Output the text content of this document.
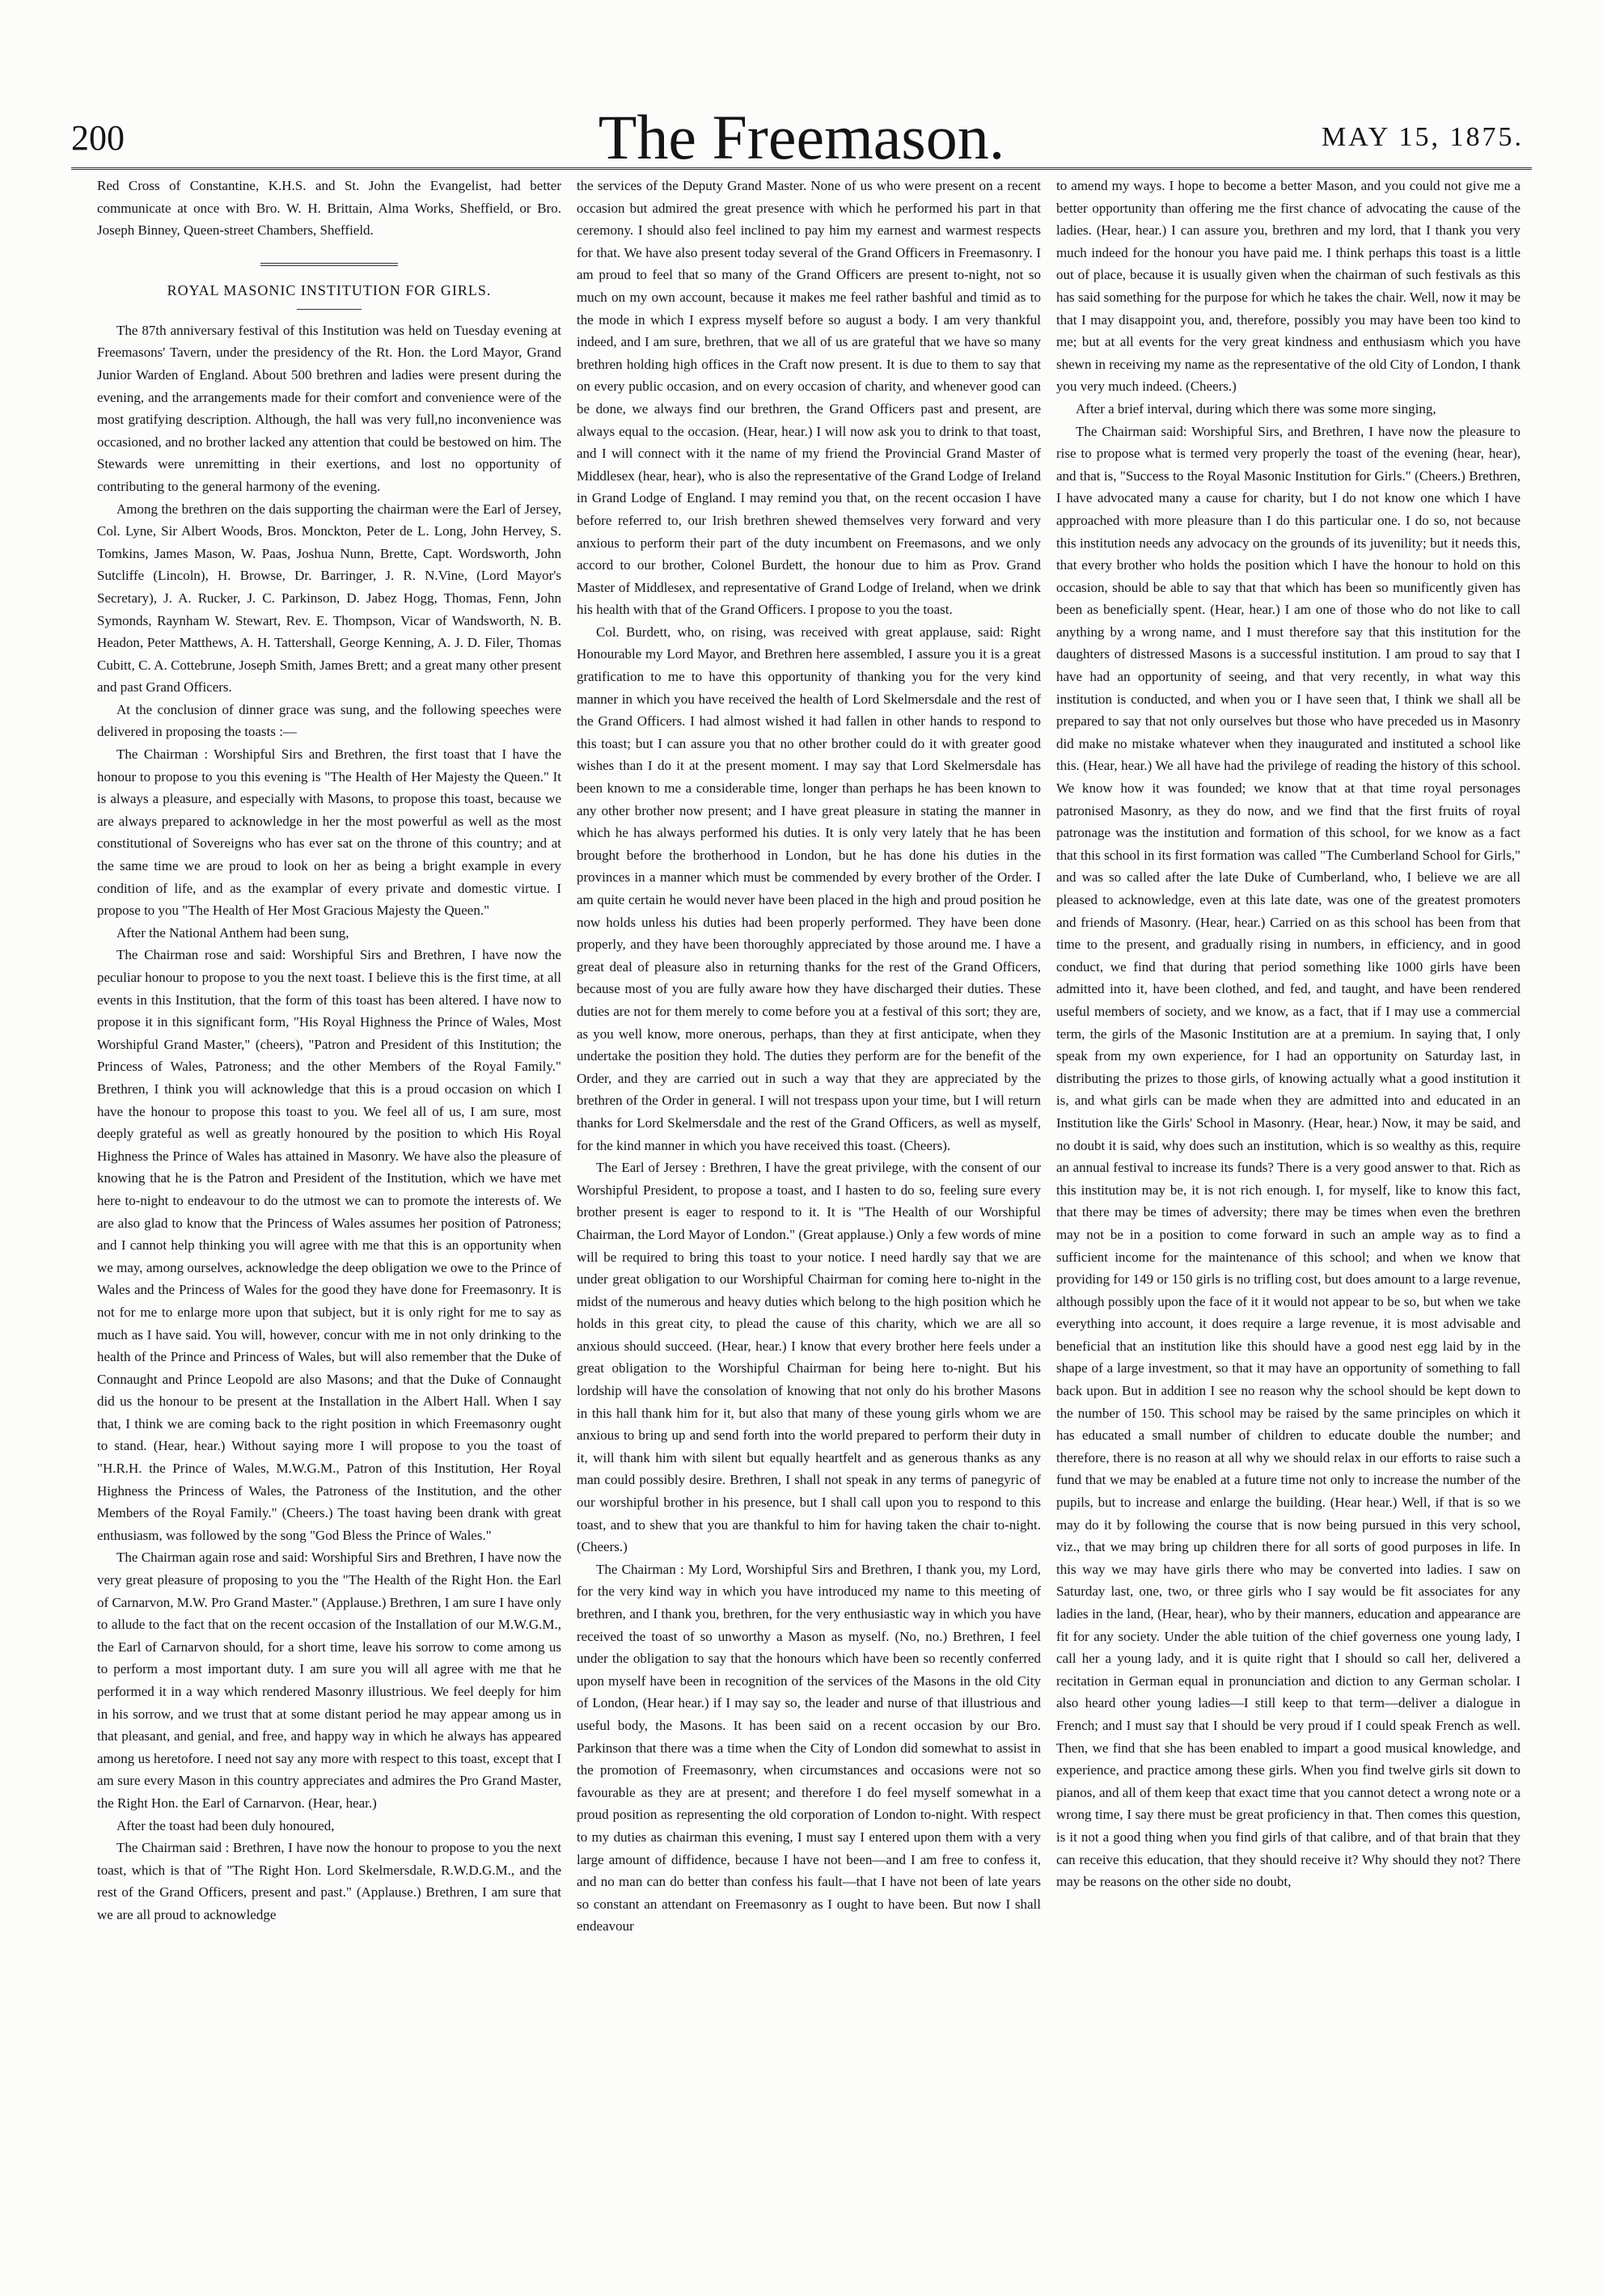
200	The Freemason.	MAY 15, 1875.

Red Cross of Constantine, K.H.S. and St. John the Evangelist, had better communicate at once with Bro. W. H. Brittain, Alma Works, Sheffield, or Bro. Joseph Binney, Queen-street Chambers, Sheffield.

ROYAL MASONIC INSTITUTION FOR GIRLS.

The 87th anniversary festival of this Institution was held on Tuesday evening at Freemasons' Tavern, under the presidency of the Rt. Hon. the Lord Mayor, Grand Junior Warden of England. About 500 brethren and ladies were present during the evening, and the arrangements made for their comfort and convenience were of the most gratifying description. Although, the hall was very full,no inconvenience was occasioned, and no brother lacked any attention that could be bestowed on him. The Stewards were unremitting in their exertions, and lost no opportunity of contributing to the general harmony of the evening.

Among the brethren on the dais supporting the chairman were the Earl of Jersey, Col. Lyne, Sir Albert Woods, Bros. Monckton, Peter de L. Long, John Hervey, S. Tomkins, James Mason, W. Paas, Joshua Nunn, Brette, Capt. Wordsworth, John Sutcliffe (Lincoln), H. Browse, Dr. Barringer, J. R. N.Vine, (Lord Mayor's Secretary), J. A. Rucker, J. C. Parkinson, D. Jabez Hogg, Thomas, Fenn, John Symonds, Raynham W. Stewart, Rev. E. Thompson, Vicar of Wandsworth, N. B. Headon, Peter Matthews, A. H. Tattershall, George Kenning, A. J. D. Filer, Thomas Cubitt, C. A. Cottebrune, Joseph Smith, James Brett; and a great many other present and past Grand Officers.

At the conclusion of dinner grace was sung, and the following speeches were delivered in proposing the toasts :—

The Chairman : Worshipful Sirs and Brethren, the first toast that I have the honour to propose to you this evening is "The Health of Her Majesty the Queen." It is always a pleasure, and especially with Masons, to propose this toast, because we are always prepared to acknowledge in her the most powerful as well as the most constitutional of Sovereigns who has ever sat on the throne of this country; and at the same time we are proud to look on her as being a bright example in every condition of life, and as the examplar of every private and domestic virtue. I propose to you "The Health of Her Most Gracious Majesty the Queen."

After the National Anthem had been sung,

The Chairman rose and said: Worshipful Sirs and Brethren, I have now the peculiar honour to propose to you the next toast. I believe this is the first time, at all events in this Institution, that the form of this toast has been altered. I have now to propose it in this significant form, "His Royal Highness the Prince of Wales, Most Worshipful Grand Master," (cheers), "Patron and President of this Institution; the Princess of Wales, Patroness; and the other Members of the Royal Family." Brethren, I think you will acknowledge that this is a proud occasion on which I have the honour to propose this toast to you. We feel all of us, I am sure, most deeply grateful as well as greatly honoured by the position to which His Royal Highness the Prince of Wales has attained in Masonry. We have also the pleasure of knowing that he is the Patron and President of the Institution, which we have met here to-night to endeavour to do the utmost we can to promote the interests of. We are also glad to know that the Princess of Wales assumes her position of Patroness; and I cannot help thinking you will agree with me that this is an opportunity when we may, among ourselves, acknowledge the deep obligation we owe to the Prince of Wales and the Princess of Wales for the good they have done for Freemasonry. It is not for me to enlarge more upon that subject, but it is only right for me to say as much as I have said. You will, however, concur with me in not only drinking to the health of the Prince and Princess of Wales, but will also remember that the Duke of Connaught and Prince Leopold are also Masons; and that the Duke of Connaught did us the honour to be present at the Installation in the Albert Hall. When I say that, I think we are coming back to the right position in which Freemasonry ought to stand. (Hear, hear.) Without saying more I will propose to you the toast of "H.R.H. the Prince of Wales, M.W.G.M., Patron of this Institution, Her Royal Highness the Princess of Wales, the Patroness of the Institution, and the other Members of the Royal Family." (Cheers.) The toast having been drank with great enthusiasm, was followed by the song "God Bless the Prince of Wales."

The Chairman again rose and said: Worshipful Sirs and Brethren, I have now the very great pleasure of proposing to you the "The Health of the Right Hon. the Earl of Carnarvon, M.W. Pro Grand Master." (Applause.) Brethren, I am sure I have only to allude to the fact that on the recent occasion of the Installation of our M.W.G.M., the Earl of Carnarvon should, for a short time, leave his sorrow to come among us to perform a most important duty. I am sure you will all agree with me that he performed it in a way which rendered Masonry illustrious. We feel deeply for him in his sorrow, and we trust that at some distant period he may appear among us in that pleasant, and genial, and free, and happy way in which he always has appeared among us heretofore. I need not say any more with respect to this toast, except that I am sure every Mason in this country appreciates and admires the Pro Grand Master, the Right Hon. the Earl of Carnarvon. (Hear, hear.)

After the toast had been duly honoured,

The Chairman said : Brethren, I have now the honour to propose to you the next toast, which is that of "The Right Hon. Lord Skelmersdale, R.W.D.G.M., and the rest of the Grand Officers, present and past." (Applause.) Brethren, I am sure that we are all proud to acknowledge

the services of the Deputy Grand Master. None of us who were present on a recent occasion but admired the great presence with which he performed his part in that ceremony. I should also feel inclined to pay him my earnest and warmest respects for that. We have also present today several of the Grand Officers in Freemasonry. I am proud to feel that so many of the Grand Officers are present to-night, not so much on my own account, because it makes me feel rather bashful and timid as to the mode in which I express myself before so august a body. I am very thankful indeed, and I am sure, brethren, that we all of us are grateful that we have so many brethren holding high offices in the Craft now present. It is due to them to say that on every public occasion, and on every occasion of charity, and whenever good can be done, we always find our brethren, the Grand Officers past and present, are always equal to the occasion. (Hear, hear.) I will now ask you to drink to that toast, and I will connect with it the name of my friend the Provincial Grand Master of Middlesex (hear, hear), who is also the representative of the Grand Lodge of Ireland in Grand Lodge of England. I may remind you that, on the recent occasion I have before referred to, our Irish brethren shewed themselves very forward and very anxious to perform their part of the duty incumbent on Freemasons, and we only accord to our brother, Colonel Burdett, the honour due to him as Prov. Grand Master of Middlesex, and representative of Grand Lodge of Ireland, when we drink his health with that of the Grand Officers. I propose to you the toast.

Col. Burdett, who, on rising, was received with great applause, said: Right Honourable my Lord Mayor, and Brethren here assembled, I assure you it is a great gratification to me to have this opportunity of thanking you for the very kind manner in which you have received the health of Lord Skelmersdale and the rest of the Grand Officers. I had almost wished it had fallen in other hands to respond to this toast; but I can assure you that no other brother could do it with greater good wishes than I do it at the present moment. I may say that Lord Skelmersdale has been known to me a considerable time, longer than perhaps he has been known to any other brother now present; and I have great pleasure in stating the manner in which he has always performed his duties. It is only very lately that he has been brought before the brotherhood in London, but he has done his duties in the provinces in a manner which must be commended by every brother of the Order. I am quite certain he would never have been placed in the high and proud position he now holds unless his duties had been properly performed. They have been done properly, and they have been thoroughly appreciated by those around me. I have a great deal of pleasure also in returning thanks for the rest of the Grand Officers, because most of you are fully aware how they have discharged their duties. These duties are not for them merely to come before you at a festival of this sort; they are, as you well know, more onerous, perhaps, than they at first anticipate, when they undertake the position they hold. The duties they perform are for the benefit of the Order, and they are carried out in such a way that they are appreciated by the brethren of the Order in general. I will not trespass upon your time, but I will return thanks for Lord Skelmersdale and the rest of the Grand Officers, as well as myself, for the kind manner in which you have received this toast. (Cheers).

The Earl of Jersey : Brethren, I have the great privilege, with the consent of our Worshipful President, to propose a toast, and I hasten to do so, feeling sure every brother present is eager to respond to it. It is "The Health of our Worshipful Chairman, the Lord Mayor of London." (Great applause.) Only a few words of mine will be required to bring this toast to your notice. I need hardly say that we are under great obligation to our Worshipful Chairman for coming here to-night in the midst of the numerous and heavy duties which belong to the high position which he holds in this great city, to plead the cause of this charity, which we are all so anxious should succeed. (Hear, hear.) I know that every brother here feels under a great obligation to the Worshipful Chairman for being here to-night. But his lordship will have the consolation of knowing that not only do his brother Masons in this hall thank him for it, but also that many of these young girls whom we are anxious to bring up and send forth into the world prepared to perform their duty in it, will thank him with silent but equally heartfelt and as generous thanks as any man could possibly desire. Brethren, I shall not speak in any terms of panegyric of our worshipful brother in his presence, but I shall call upon you to respond to this toast, and to shew that you are thankful to him for having taken the chair to-night. (Cheers.)

The Chairman : My Lord, Worshipful Sirs and Brethren, I thank you, my Lord, for the very kind way in which you have introduced my name to this meeting of brethren, and I thank you, brethren, for the very enthusiastic way in which you have received the toast of so unworthy a Mason as myself. (No, no.) Brethren, I feel under the obligation to say that the honours which have been so recently conferred upon myself have been in recognition of the services of the Masons in the old City of London, (Hear hear.) if I may say so, the leader and nurse of that illustrious and useful body, the Masons. It has been said on a recent occasion by our Bro. Parkinson that there was a time when the City of London did somewhat to assist in the promotion of Freemasonry, when circumstances and occasions were not so favourable as they are at present; and therefore I do feel myself somewhat in a proud position as representing the old corporation of London to-night. With respect to my duties as chairman this evening, I must say I entered upon them with a very large amount of diffidence, because I have not been—and I am free to confess it, and no man can do better than confess his fault—that I have not been of late years so constant an attendant on Freemasonry as I ought to have been. But now I shall endeavour

to amend my ways. I hope to become a better Mason, and you could not give me a better opportunity than offering me the first chance of advocating the cause of the ladies. (Hear, hear.) I can assure you, brethren and my lord, that I thank you very much indeed for the honour you have paid me. I think perhaps this toast is a little out of place, because it is usually given when the chairman of such festivals as this has said something for the purpose for which he takes the chair. Well, now it may be that I may disappoint you, and, therefore, possibly you may have been too kind to me; but at all events for the very great kindness and enthusiasm which you have shewn in receiving my name as the representative of the old City of London, I thank you very much indeed. (Cheers.)

After a brief interval, during which there was some more singing,

The Chairman said: Worshipful Sirs, and Brethren, I have now the pleasure to rise to propose what is termed very properly the toast of the evening (hear, hear), and that is, "Success to the Royal Masonic Institution for Girls." (Cheers.) Brethren, I have advocated many a cause for charity, but I do not know one which I have approached with more pleasure than I do this particular one. I do so, not because this institution needs any advocacy on the grounds of its juvenility; but it needs this, that every brother who holds the position which I have the honour to hold on this occasion, should be able to say that that which has been so munificently given has been as beneficially spent. (Hear, hear.) I am one of those who do not like to call anything by a wrong name, and I must therefore say that this institution for the daughters of distressed Masons is a successful institution. I am proud to say that I have had an opportunity of seeing, and that very recently, in what way this institution is conducted, and when you or I have seen that, I think we shall all be prepared to say that not only ourselves but those who have preceded us in Masonry did make no mistake whatever when they inaugurated and instituted a school like this. (Hear, hear.) We all have had the privilege of reading the history of this school. We know how it was founded; we know that at that time royal personages patronised Masonry, as they do now, and we find that the first fruits of royal patronage was the institution and formation of this school, for we know as a fact that this school in its first formation was called "The Cumberland School for Girls," and was so called after the late Duke of Cumberland, who, I believe we are all pleased to acknowledge, even at this late date, was one of the greatest promoters and friends of Masonry. (Hear, hear.) Carried on as this school has been from that time to the present, and gradually rising in numbers, in efficiency, and in good conduct, we find that during that period something like 1000 girls have been admitted into it, have been clothed, and fed, and taught, and have been rendered useful members of society, and we know, as a fact, that if I may use a commercial term, the girls of the Masonic Institution are at a premium. In saying that, I only speak from my own experience, for I had an opportunity on Saturday last, in distributing the prizes to those girls, of knowing actually what a good institution it is, and what girls can be made when they are admitted into and educated in an Institution like the Girls' School in Masonry. (Hear, hear.) Now, it may be said, and no doubt it is said, why does such an institution, which is so wealthy as this, require an annual festival to increase its funds? There is a very good answer to that. Rich as this institution may be, it is not rich enough. I, for myself, like to know this fact, that there may be times of adversity; there may be times when even the brethren may not be in a position to come forward in such an ample way as to find a sufficient income for the maintenance of this school; and when we know that providing for 149 or 150 girls is no trifling cost, but does amount to a large revenue, although possibly upon the face of it it would not appear to be so, but when we take everything into account, it does require a large revenue, it is most advisable and beneficial that an institution like this should have a good nest egg laid by in the shape of a large investment, so that it may have an opportunity of something to fall back upon. But in addition I see no reason why the school should be kept down to the number of 150. This school may be raised by the same principles on which it has educated a small number of children to educate double the number; and therefore, there is no reason at all why we should relax in our efforts to raise such a fund that we may be enabled at a future time not only to increase the number of the pupils, but to increase and enlarge the building. (Hear hear.) Well, if that is so we may do it by following the course that is now being pursued in this very school, viz., that we may bring up children there for all sorts of good purposes in life. In this way we may have girls there who may be converted into ladies. I saw on Saturday last, one, two, or three girls who I say would be fit associates for any ladies in the land, (Hear, hear), who by their manners, education and appearance are fit for any society. Under the able tuition of the chief governess one young lady, I call her a young lady, and it is quite right that I should so call her, delivered a recitation in German equal in pronunciation and diction to any German scholar. I also heard other young ladies—I still keep to that term—deliver a dialogue in French; and I must say that I should be very proud if I could speak French as well. Then, we find that she has been enabled to impart a good musical knowledge, and experience, and practice among these girls. When you find twelve girls sit down to pianos, and all of them keep that exact time that you cannot detect a wrong note or a wrong time, I say there must be great proficiency in that. Then comes this question, is it not a good thing when you find girls of that calibre, and of that brain that they can receive this education, that they should receive it? Why should they not? There may be reasons on the other side no doubt,
